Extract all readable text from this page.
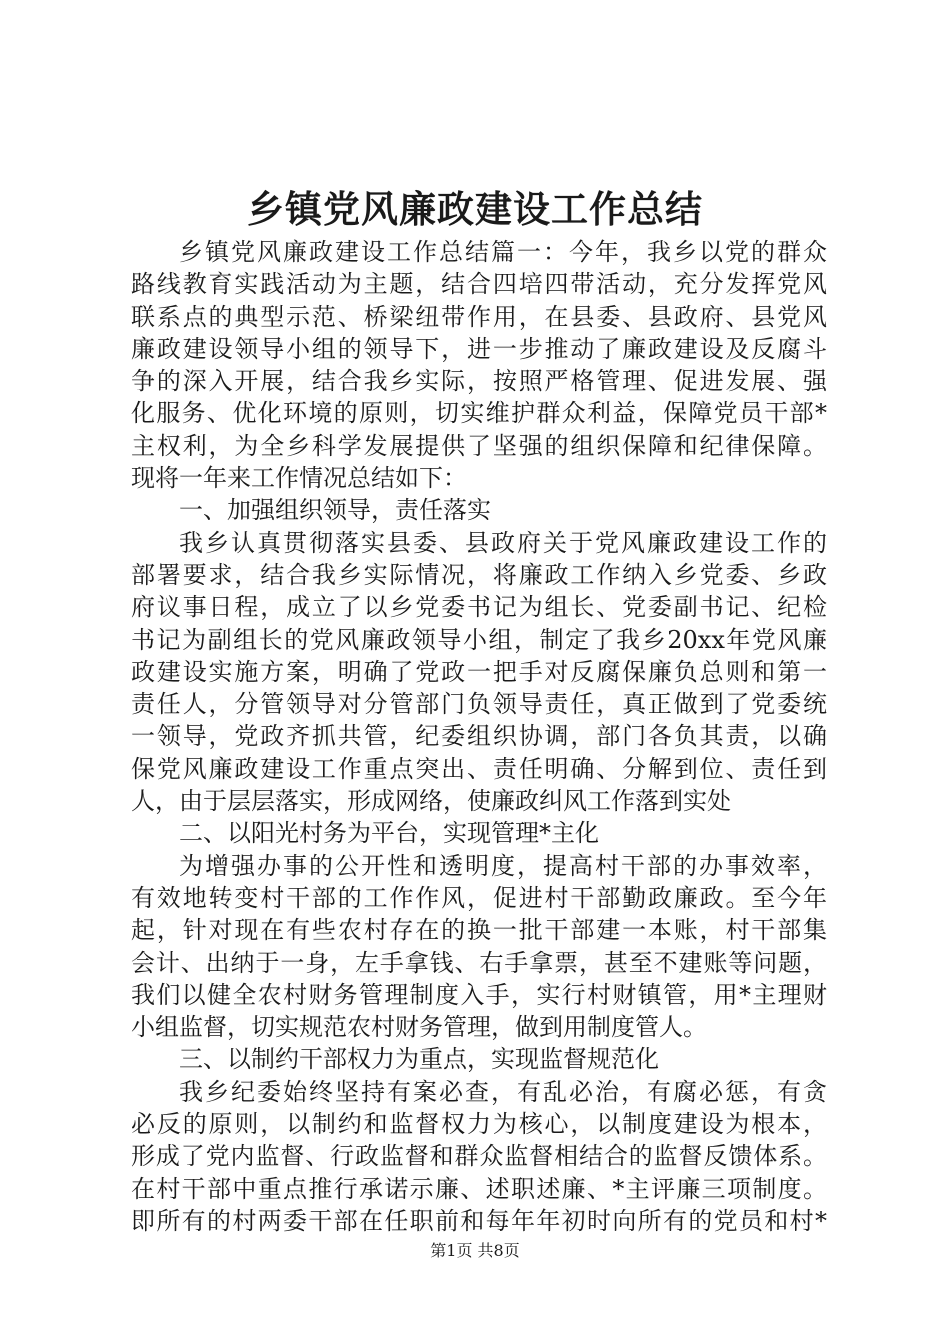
乡镇党风廉政建设工作总结
乡镇党风廉政建设工作总结篇一：今年，我乡以党的群众
路线教育实践活动为主题，结合四培四带活动，充分发挥党风
联系点的典型示范、桥梁纽带作用，在县委、县政府、县党风
廉政建设领导小组的领导下，进一步推动了廉政建设及反腐斗
争的深入开展，结合我乡实际，按照严格管理、促进发展、强
化服务、优化环境的原则，切实维护群众利益，保障党员干部*
主权利，为全乡科学发展提供了坚强的组织保障和纪律保障。
现将一年来工作情况总结如下：
一、加强组织领导，责任落实
我乡认真贯彻落实县委、县政府关于党风廉政建设工作的
部署要求，结合我乡实际情况，将廉政工作纳入乡党委、乡政
府议事日程，成立了以乡党委书记为组长、党委副书记、纪检
书记为副组长的党风廉政领导小组，制定了我乡20xx年党风廉
政建设实施方案，明确了党政一把手对反腐保廉负总则和第一
责任人，分管领导对分管部门负领导责任，真正做到了党委统
一领导，党政齐抓共管，纪委组织协调，部门各负其责，以确
保党风廉政建设工作重点突出、责任明确、分解到位、责任到
人，由于层层落实，形成网络，使廉政纠风工作落到实处
二、以阳光村务为平台，实现管理*主化
为增强办事的公开性和透明度，提高村干部的办事效率，
有效地转变村干部的工作作风，促进村干部勤政廉政。至今年
起，针对现在有些农村存在的换一批干部建一本账，村干部集
会计、出纳于一身，左手拿钱、右手拿票，甚至不建账等问题，
我们以健全农村财务管理制度入手，实行村财镇管，用*主理财
小组监督，切实规范农村财务管理，做到用制度管人。
三、以制约干部权力为重点，实现监督规范化
我乡纪委始终坚持有案必查，有乱必治，有腐必惩，有贪
必反的原则，以制约和监督权力为核心，以制度建设为根本，
形成了党内监督、行政监督和群众监督相结合的监督反馈体系。
在村干部中重点推行承诺示廉、述职述廉、*主评廉三项制度。
即所有的村两委干部在任职前和每年年初时向所有的党员和村*
第1页 共8页
